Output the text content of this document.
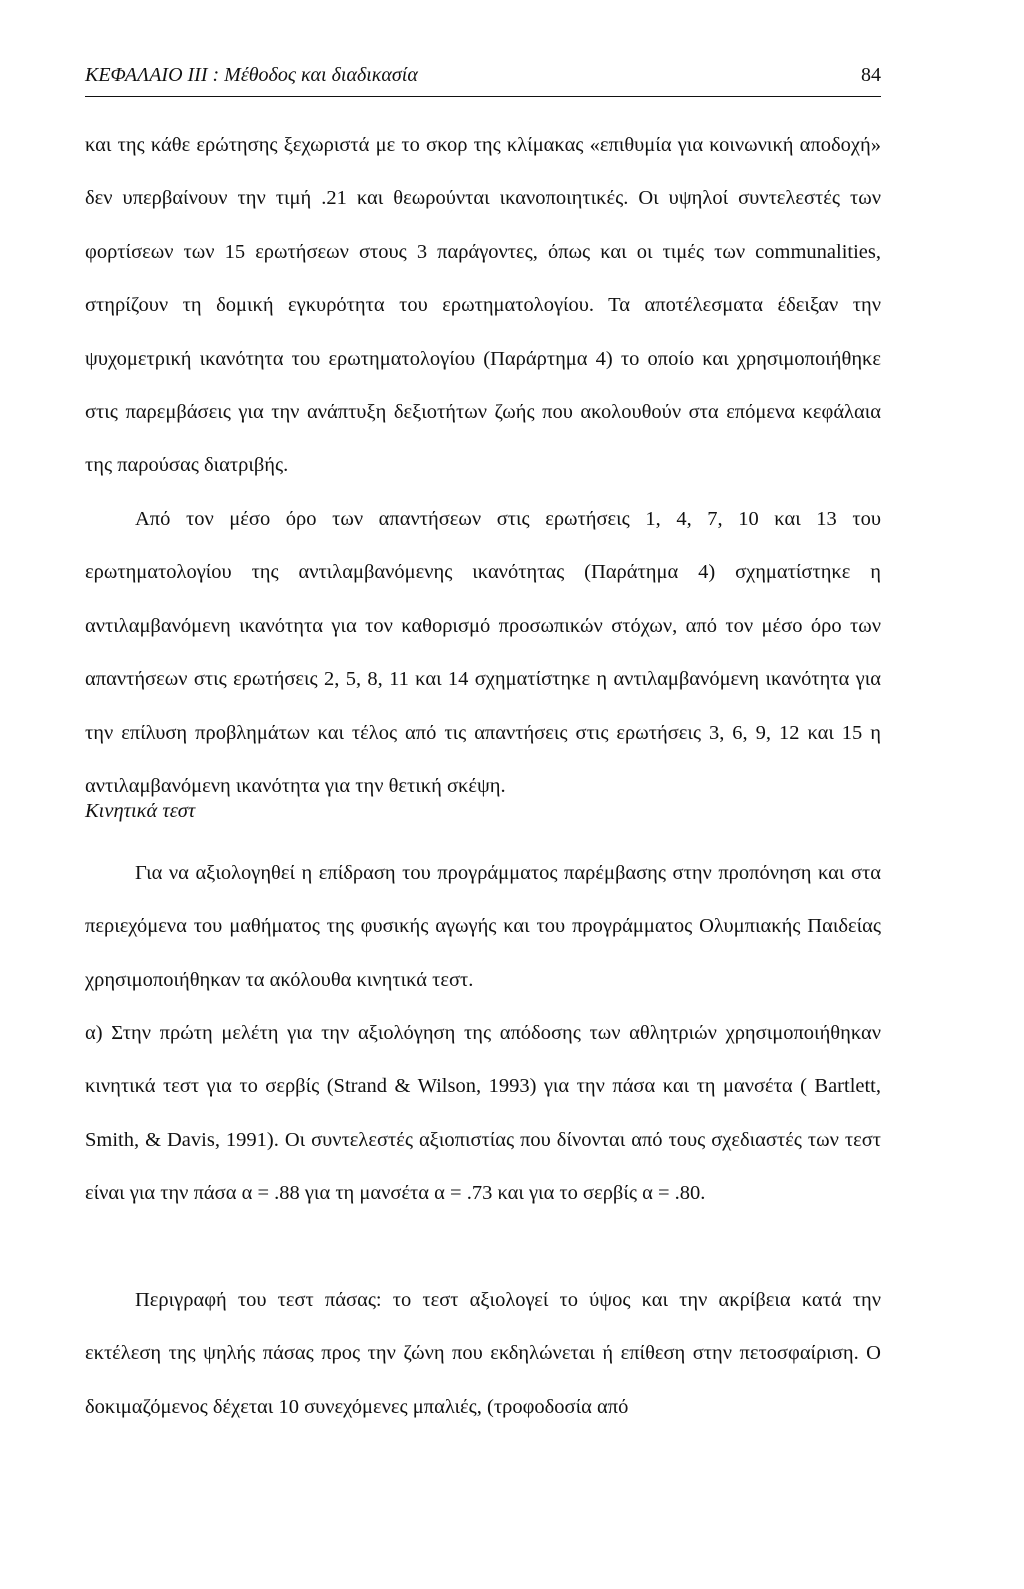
ΚΕΦΑΛΑΙΟ ΙΙΙ : Μέθοδος και διαδικασία	84

και της κάθε ερώτησης ξεχωριστά με το σκορ της κλίμακας «επιθυμία για κοινωνική αποδοχή» δεν υπερβαίνουν την τιμή .21 και θεωρούνται ικανοποιητικές. Οι υψηλοί συντελεστές των φορτίσεων των 15 ερωτήσεων στους 3 παράγοντες, όπως και οι τιμές των communalities, στηρίζουν τη δομική εγκυρότητα του ερωτηματολογίου. Τα αποτέλεσματα έδειξαν την ψυχομετρική ικανότητα του ερωτηματολογίου (Παράρτημα 4) το οποίο και χρησιμοποιήθηκε στις παρεμβάσεις για την ανάπτυξη δεξιοτήτων ζωής που ακολουθούν στα επόμενα κεφάλαια της παρούσας διατριβής.

Από τον μέσο όρο των απαντήσεων στις ερωτήσεις 1, 4, 7, 10 και 13 του ερωτηματολογίου της αντιλαμβανόμενης ικανότητας (Παράτημα 4) σχηματίστηκε η αντιλαμβανόμενη ικανότητα για τον καθορισμό προσωπικών στόχων, από τον μέσο όρο των απαντήσεων στις ερωτήσεις 2, 5, 8, 11 και 14 σχηματίστηκε η αντιλαμβανόμενη ικανότητα για την επίλυση προβλημάτων και τέλος από τις απαντήσεις στις ερωτήσεις 3, 6, 9, 12 και 15 η αντιλαμβανόμενη ικανότητα για την θετική σκέψη.

Κινητικά τεστ

Για να αξιολογηθεί η επίδραση του προγράμματος παρέμβασης στην προπόνηση και στα περιεχόμενα του μαθήματος της φυσικής αγωγής και του προγράμματος Ολυμπιακής Παιδείας χρησιμοποιήθηκαν τα ακόλουθα κινητικά τεστ.

α) Στην πρώτη μελέτη για την αξιολόγηση της απόδοσης των αθλητριών χρησιμοποιήθηκαν κινητικά τεστ για το σερβίς (Strand & Wilson, 1993) για την πάσα και τη μανσέτα ( Bartlett, Smith, & Davis, 1991). Οι συντελεστές αξιοπιστίας που δίνονται από τους σχεδιαστές των τεστ είναι για την πάσα α = .88 για τη μανσέτα α = .73 και για το σερβίς α = .80.

Περιγραφή του τεστ πάσας: το τεστ αξιολογεί το ύψος και την ακρίβεια κατά την εκτέλεση της ψηλής πάσας προς την ζώνη που εκδηλώνεται ή επίθεση στην πετοσφαίριση. Ο δοκιμαζόμενος δέχεται 10 συνεχόμενες μπαλιές, (τροφοδοσία από
